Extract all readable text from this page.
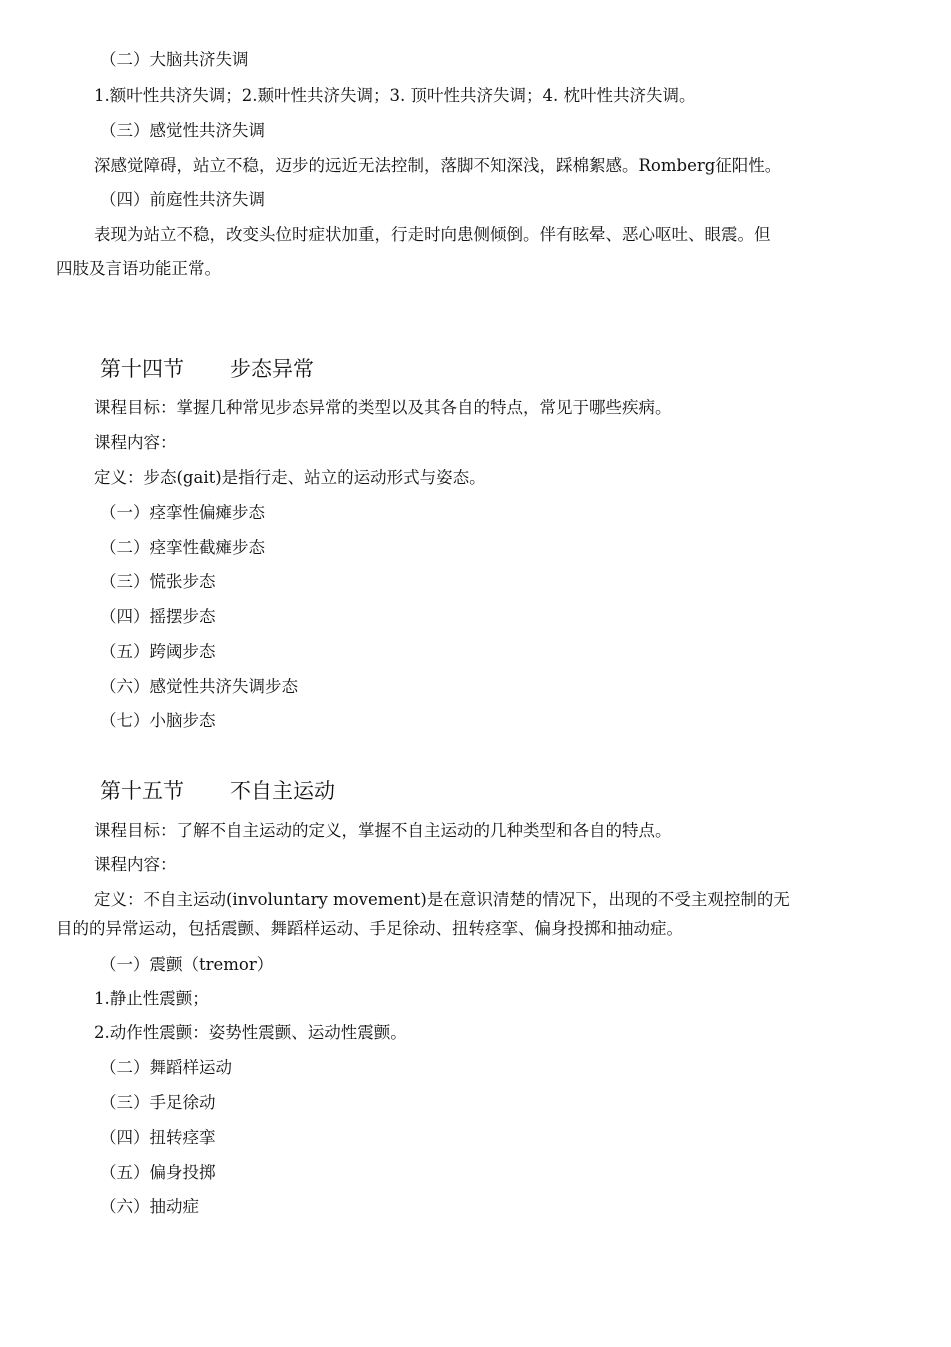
（二）大脑共济失调
1.额叶性共济失调；2.颞叶性共济失调；3. 顶叶性共济失调；4. 枕叶性共济失调。
（三）感觉性共济失调
深感觉障碍，站立不稳，迈步的远近无法控制，落脚不知深浅，踩棉絮感。Romberg征阳性。
（四）前庭性共济失调
表现为站立不稳，改变头位时症状加重，行走时向患侧倾倒。伴有眩晕、恶心呕吐、眼震。但
四肢及言语功能正常。
第十四节 步态异常
课程目标：掌握几种常见步态异常的类型以及其各自的特点，常见于哪些疾病。
课程内容：
定义：步态(gait)是指行走、站立的运动形式与姿态。
（一）痉挛性偏瘫步态
（二）痉挛性截瘫步态
（三）慌张步态
（四）摇摆步态
（五）跨阈步态
（六）感觉性共济失调步态
（七）小脑步态
第十五节 不自主运动
课程目标：了解不自主运动的定义，掌握不自主运动的几种类型和各自的特点。
课程内容：
定义：不自主运动(involuntary movement)是在意识清楚的情况下，出现的不受主观控制的无
目的的异常运动，包括震颤、舞蹈样运动、手足徐动、扭转痉挛、偏身投掷和抽动症。
（一）震颤（tremor）
1.静止性震颤；
2.动作性震颤：姿势性震颤、运动性震颤。
（二）舞蹈样运动
（三）手足徐动
（四）扭转痉挛
（五）偏身投掷
（六）抽动症
